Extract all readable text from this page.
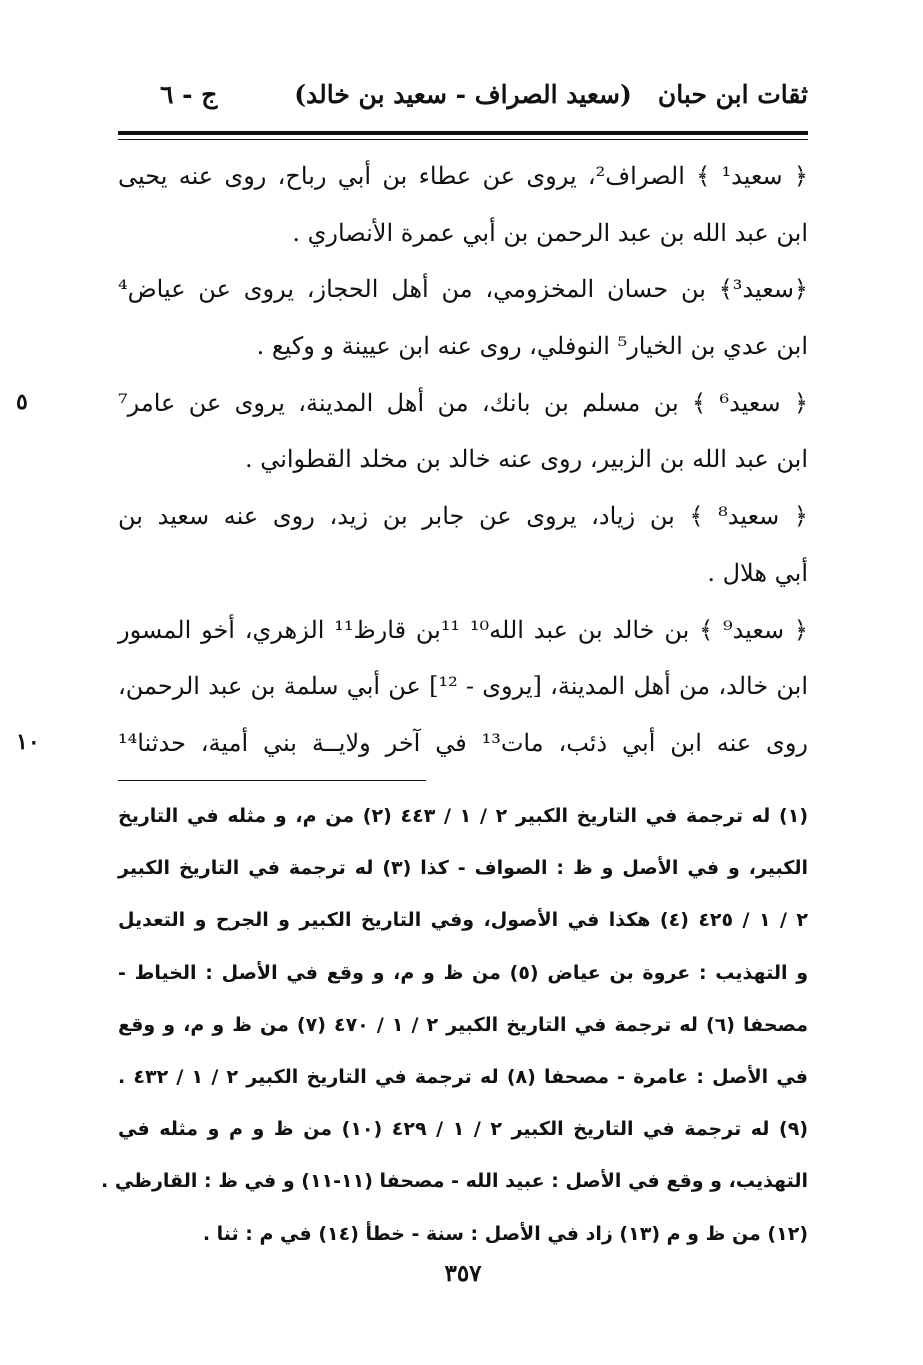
ثقات ابن حبان
(سعيد الصراف - سعيد بن خالد)
ج - ٦
﴿ سعيد¹ ﴾ الصراف²، يروى عن عطاء بن أبي رباح، روى عنه يحيى
ابن عبد الله بن عبد الرحمن بن أبي عمرة الأنصاري .
﴿سعيد³﴾ بن حسان المخزومي، من أهل الحجاز، يروى عن عياض⁴
ابن عدي بن الخيار⁵ النوفلي، روى عنه ابن عيينة و وكيع .
﴿ سعيد⁶ ﴾ بن مسلم بن بانك، من أهل المدينة، يروى عن عامر⁷
ابن عبد الله بن الزبير، روى عنه خالد بن مخلد القطواني .
﴿ سعيد⁸ ﴾ بن زياد، يروى عن جابر بن زيد، روى عنه سعيد بن
أبي هلال .
﴿ سعيد⁹ ﴾ بن خالد بن عبد الله¹⁰ ¹¹بن قارظ¹¹ الزهري، أخو المسور
ابن خالد، من أهل المدينة، [يروى - ¹²] عن أبي سلمة بن عبد الرحمن،
روى عنه ابن أبي ذئب، مات¹³ في آخر ولايــة بني أمية، حدثنا¹⁴
٥
١٠
(١) له ترجمة في التاريخ الكبير ٢ / ١ / ٤٤٣ (٢) من م، و مثله في التاريخ
الكبير، و في الأصل و ظ : الصواف - كذا (٣) له ترجمة في التاريخ الكبير
٢ / ١ / ٤٢٥ (٤) هكذا في الأصول، وفي التاريخ الكبير و الجرح و التعديل
و التهذيب : عروة بن عياض (٥) من ظ و م، و وقع في الأصل : الخياط -
مصحفا (٦) له ترجمة في التاريخ الكبير ٢ / ١ / ٤٧٠ (٧) من ظ و م، و وقع
في الأصل : عامرة - مصحفا (٨) له ترجمة في التاريخ الكبير ٢ / ١ / ٤٣٢ .
(٩) له ترجمة في التاريخ الكبير ٢ / ١ / ٤٢٩ (١٠) من ظ و م و مثله في
التهذيب، و وقع في الأصل : عبيد الله - مصحفا (١١-١١) و في ظ : القارظي .
(١٢) من ظ و م (١٣) زاد في الأصل : سنة - خطأ (١٤) في م : ثنا .
٣٥٧
